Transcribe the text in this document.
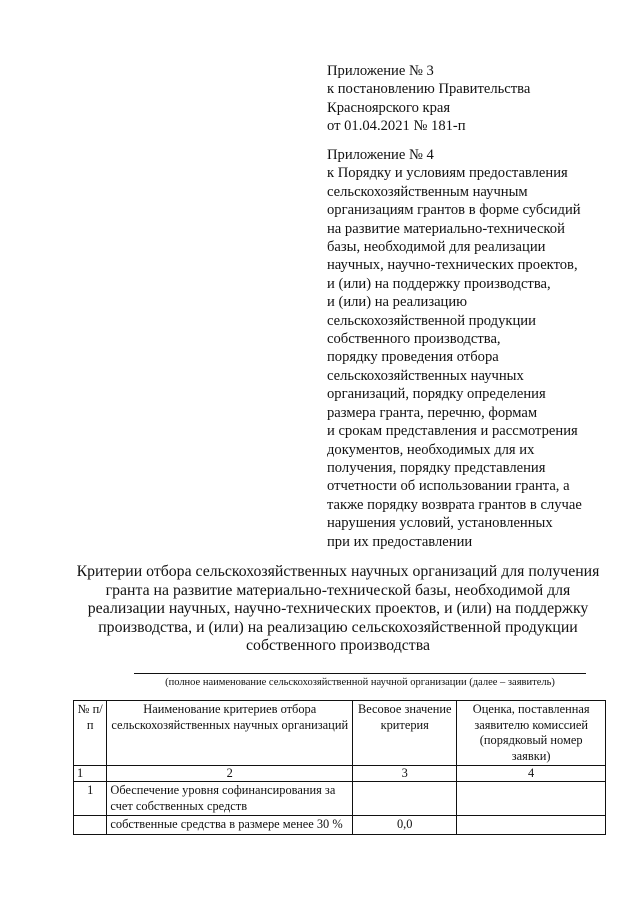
Приложение № 3
к постановлению Правительства
Красноярского края
от 01.04.2021 № 181-п
Приложение № 4
к Порядку и условиям предоставления
сельскохозяйственным научным
организациям грантов в форме субсидий
на развитие материально-технической
базы, необходимой для реализации
научных, научно-технических проектов,
и (или) на поддержку производства,
и (или) на реализацию
сельскохозяйственной продукции
собственного производства,
порядку проведения отбора
сельскохозяйственных научных
организаций, порядку определения
размера гранта, перечню, формам
и срокам представления и рассмотрения
документов, необходимых для их
получения, порядку представления
отчетности об использовании гранта, а
также порядку возврата грантов в случае
нарушения условий, установленных
при их предоставлении
Критерии отбора сельскохозяйственных научных организаций для получения
гранта на развитие материально-технической базы, необходимой для
реализации научных, научно-технических проектов, и (или) на поддержку
производства, и (или) на реализацию сельскохозяйственной продукции
собственного производства
(полное наименование сельскохозяйственной научной организации (далее – заявитель)
№ п/п	Наименование критериев отбора сельскохозяйственных научных организаций	Весовое значение критерия	Оценка, поставленная заявителю комиссией (порядковый номер заявки)
1	2	3	4
1	Обеспечение уровня софинансирования за счет собственных средств		
	собственные средства в размере менее 30 %	0,0	
